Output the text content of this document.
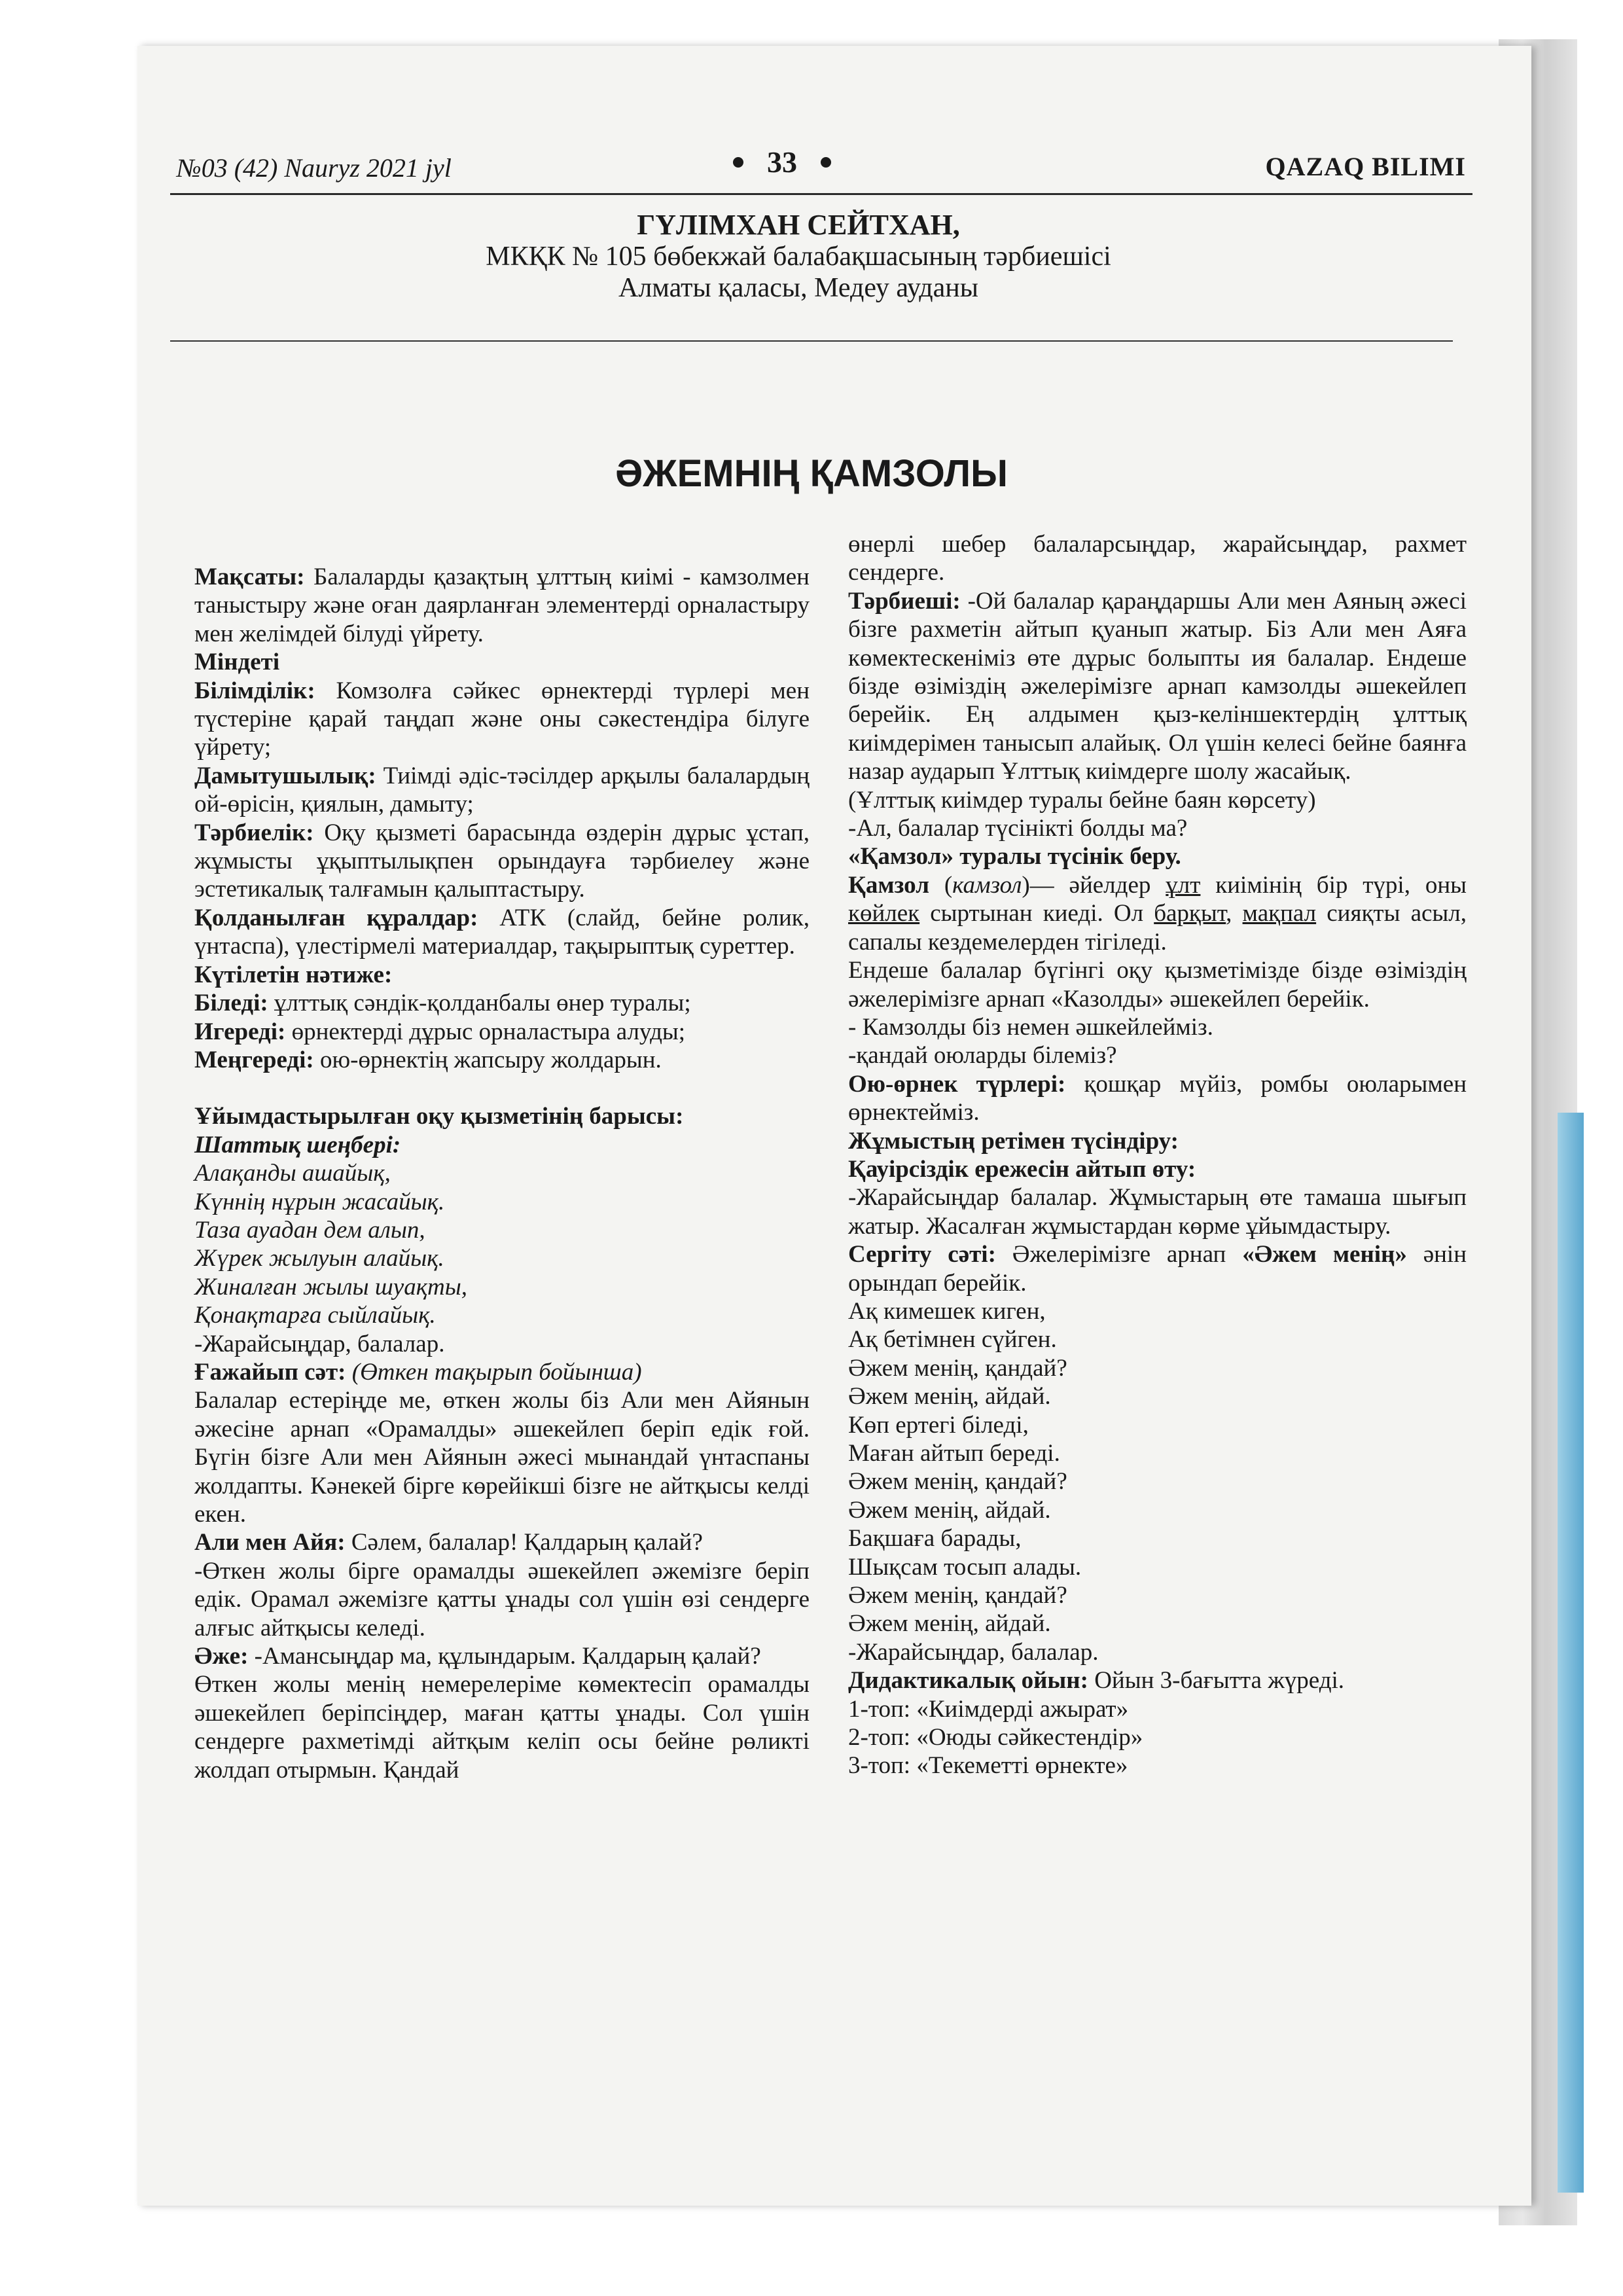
№03 (42) Nauryz 2021 jyl	33	QAZAQ BILIMI
ГҮЛІМХАН СЕЙТХАН,
МКҚК № 105 бөбекжай балабақшасының тәрбиешісі
Алматы қаласы, Медеу ауданы
ӘЖЕМНІҢ ҚАМЗОЛЫ

Мақсаты: Балаларды қазақтың ұлттың киімі - камзолмен таныстыру және оған даярланған элементерді орналастыру мен желімдей білуді үйрету.

Міндеті

Білімділік: Комзолға сәйкес өрнектерді түрлері мен түстеріне қарай таңдап және оны сәкестендіра білуге үйрету;

Дамытушылық: Тиімді әдіс-тәсілдер арқылы балалардың ой-өрісін, қиялын, дамыту;

Тәрбиелік: Оқу қызметі барасында өздерін дұрыс ұстап, жұмысты ұқыптылықпен орындауға тәрбиелеу және эстетикалық талғамын қалыптастыру.

Қолданылған құралдар: АТК (слайд, бейне ролик, үнтаспа), үлестірмелі материалдар, тақырыптық суреттер.

Күтілетін нәтиже:

Біледі: ұлттық сәндік-қолданбалы өнер туралы;

Игереді: өрнектерді дұрыс орналастыра алуды;

Меңгереді: ою-өрнектің жапсыру жолдарын.

Ұйымдастырылған оқу қызметінің барысы:

Шаттық шеңбері:

Алақанды ашайық,

Күннің нұрын жасайық.

Таза ауадан дем алып,

Жүрек жылуын алайық.

Жиналған жылы шуақты,

Қонақтарға сыйлайық.

-Жарайсыңдар, балалар.

Ғажайып сәт: (Өткен тақырып бойынша)

Балалар естеріңде ме, өткен жолы біз Али мен Айянын әжесіне арнап «Орамалды» әшекейлеп беріп едік ғой. Бүгін бізге Али мен Айянын әжесі мынандай үнтаспаны жолдапты. Кәнекей бірге көрейікші бізге не айтқысы келді екен.

Али мен Айя: Сәлем, балалар! Қалдарың қалай?

-Өткен жолы бірге орамалды әшекейлеп әжемізге беріп едік. Орамал әжемізге қатты ұнады сол үшін өзі сендерге алғыс айтқысы келеді.

Әже: -Амансыңдар ма, құлындарым. Қалдарың қалай?

Өткен жолы менің немерелеріме көмектесіп орамалды әшекейлеп беріпсіңдер, маған қатты ұнады. Сол үшін сендерге рахметімді айтқым келіп осы бейне рөликті жолдап отырмын. Қандай

өнерлі шебер балаларсыңдар, жарайсыңдар, рахмет сендерге.

Тәрбиеші: -Ой балалар қараңдаршы Али мен Аяның әжесі бізге рахметін айтып қуанып жатыр. Біз Али мен Аяға көмектескеніміз өте дұрыс болыпты ия балалар. Ендеше бізде өзіміздің әжелерімізге арнап камзолды әшекейлеп берейік. Ең алдымен қыз-келіншектердің ұлттық киімдерімен танысып алайық. Ол үшін келесі бейне баянға назар аударып Ұлттық киімдерге шолу жасайық.

(Ұлттық киімдер туралы бейне баян көрсету)

-Ал, балалар түсінікті болды ма?

«Қамзол» туралы түсінік беру.

Қамзол (камзол)— әйелдер ұлт киімінің бір түрі, оны көйлек сыртынан киеді. Ол барқыт, мақпал сияқты асыл, сапалы кездемелерден тігіледі.

Ендеше балалар бүгінгі оқу қызметімізде бізде өзіміздің әжелерімізге арнап «Казолды» әшекейлеп берейік.

- Камзолды біз немен әшкейлейміз.

-қандай оюларды білеміз?

Ою-өрнек түрлері: қошқар мүйіз, ромбы оюларымен өрнектейміз.

Жұмыстың ретімен түсіндіру:

Қауірсіздік ережесін айтып өту:

-Жарайсыңдар балалар. Жұмыстарың өте тамаша шығып жатыр. Жасалған жұмыстардан көрме ұйымдастыру.

Сергіту сәті: Әжелерімізге арнап «Әжем менің» әнін орындап берейік.

Ақ кимешек киген,

Ақ бетімнен сүйген.

Әжем менің, қандай?

Әжем менің, айдай.

Көп ертегі біледі,

Маған айтып береді.

Әжем менің, қандай?

Әжем менің, айдай.

Бақшаға барады,

Шықсам тосып алады.

Әжем менің, қандай?

Әжем менің, айдай.

-Жарайсыңдар, балалар.

Дидактикалық ойын: Ойын 3-бағытта жүреді.

1-топ: «Киімдерді ажырат»

2-топ: «Оюды сәйкестендір»

3-топ: «Текеметті өрнекте»
